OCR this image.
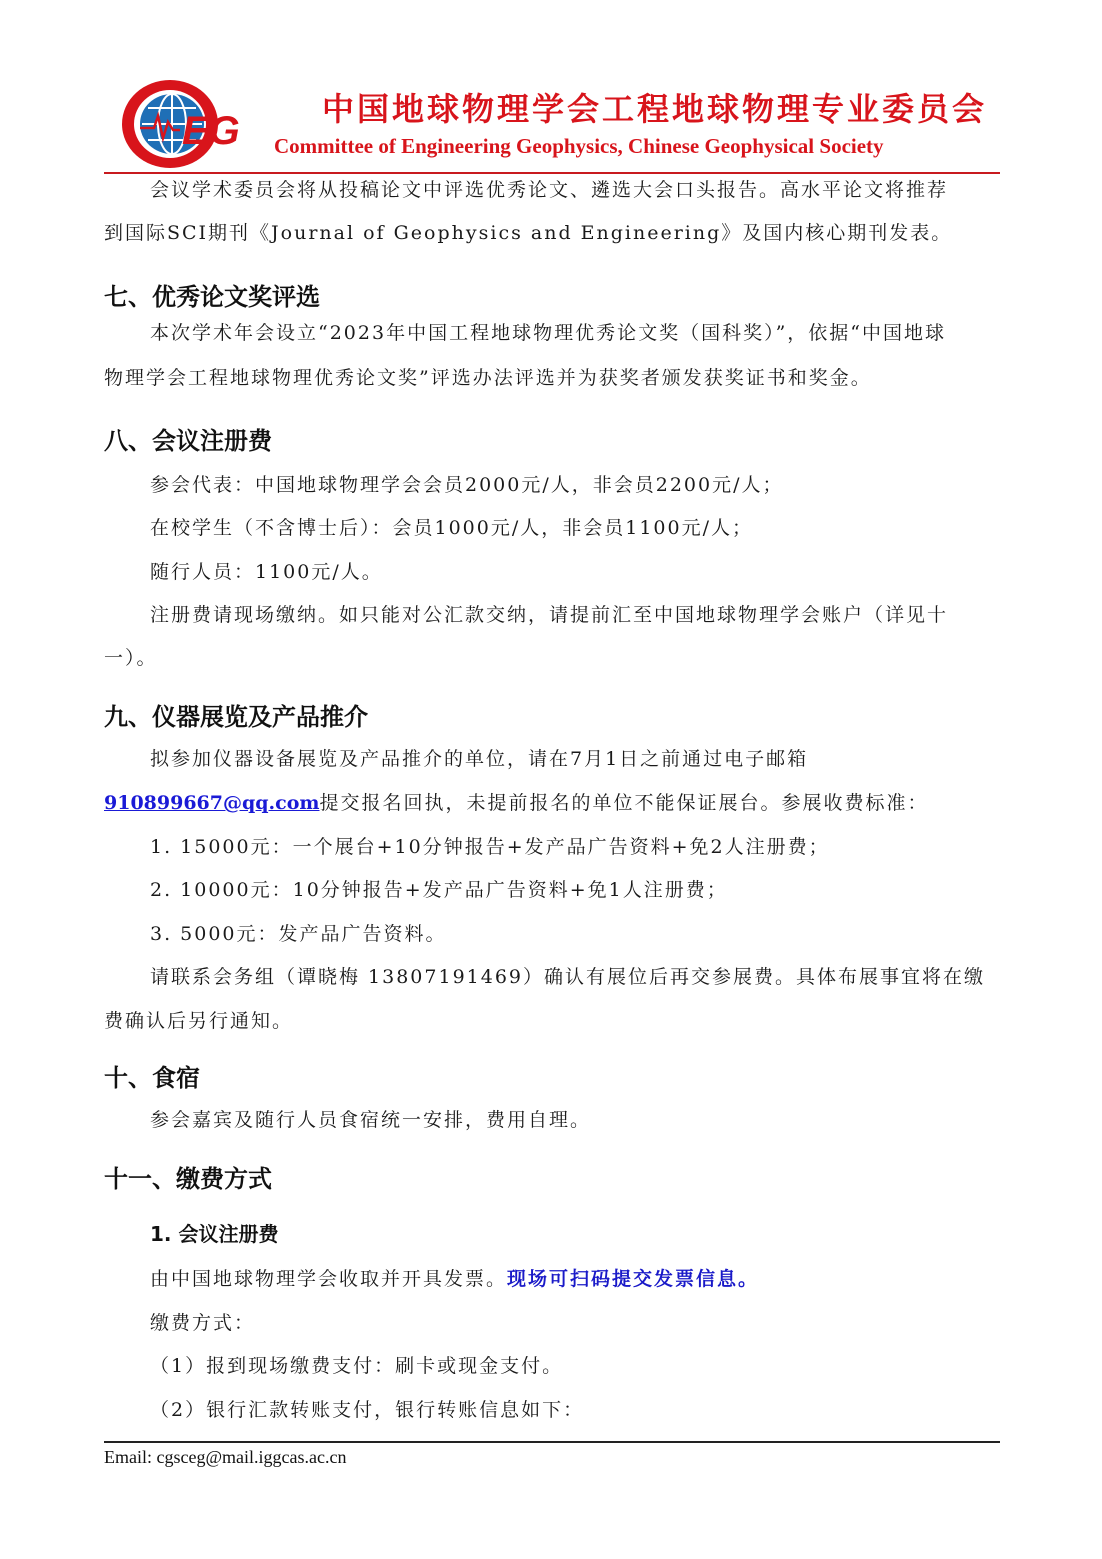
EG	中国地球物理学会工程地球物理专业委员会
Committee of Engineering Geophysics, Chinese Geophysical Society
会议学术委员会将从投稿论文中评选优秀论文、遴选大会口头报告。高水平论文将推荐
到国际SCI期刊《Journal of Geophysics and Engineering》及国内核心期刊发表。
七、优秀论文奖评选
本次学术年会设立“2023年中国工程地球物理优秀论文奖（国科奖）”，依据“中国地球
物理学会工程地球物理优秀论文奖”评选办法评选并为获奖者颁发获奖证书和奖金。
八、会议注册费
参会代表：中国地球物理学会会员2000元/人，非会员2200元/人；
在校学生（不含博士后）：会员1000元/人，非会员1100元/人；
随行人员：1100元/人。
注册费请现场缴纳。如只能对公汇款交纳，请提前汇至中国地球物理学会账户（详见十
一）。
九、仪器展览及产品推介
拟参加仪器设备展览及产品推介的单位，请在7月1日之前通过电子邮箱
910899667@qq.com提交报名回执，未提前报名的单位不能保证展台。参展收费标准：
1. 15000元：一个展台+10分钟报告+发产品广告资料+免2人注册费；
2. 10000元：10分钟报告+发产品广告资料+免1人注册费；
3. 5000元：发产品广告资料。
请联系会务组（谭晓梅 13807191469）确认有展位后再交参展费。具体布展事宜将在缴
费确认后另行通知。
十、食宿
参会嘉宾及随行人员食宿统一安排，费用自理。
十一、缴费方式
1. 会议注册费
由中国地球物理学会收取并开具发票。现场可扫码提交发票信息。
缴费方式：
（1）报到现场缴费支付：刷卡或现金支付。
（2）银行汇款转账支付，银行转账信息如下：
Email: cgsceg@mail.iggcas.ac.cn
